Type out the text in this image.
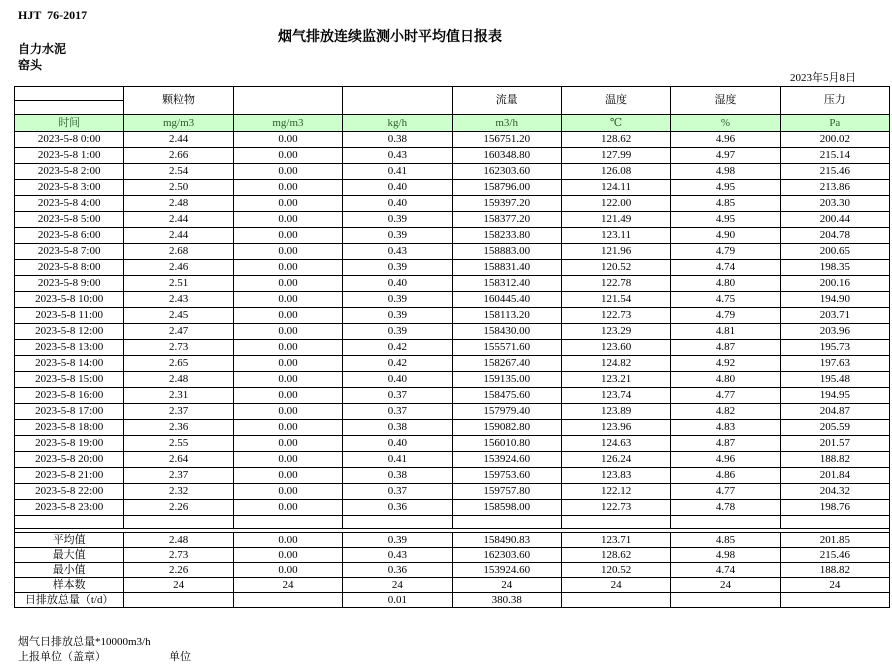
HJT  76-2017
烟气排放连续监测小时平均值日报表
自力水泥
窑头
2023年5月8日
	颗粒物			流量	温度	湿度	压力
时间	mg/m3	mg/m3	kg/h	m3/h	℃	%	Pa
2023-5-8 0:00	2.44	0.00	0.38	156751.20	128.62	4.96	200.02
2023-5-8 1:00	2.66	0.00	0.43	160348.80	127.99	4.97	215.14
2023-5-8 2:00	2.54	0.00	0.41	162303.60	126.08	4.98	215.46
2023-5-8 3:00	2.50	0.00	0.40	158796.00	124.11	4.95	213.86
2023-5-8 4:00	2.48	0.00	0.40	159397.20	122.00	4.85	203.30
2023-5-8 5:00	2.44	0.00	0.39	158377.20	121.49	4.95	200.44
2023-5-8 6:00	2.44	0.00	0.39	158233.80	123.11	4.90	204.78
2023-5-8 7:00	2.68	0.00	0.43	158883.00	121.96	4.79	200.65
2023-5-8 8:00	2.46	0.00	0.39	158831.40	120.52	4.74	198.35
2023-5-8 9:00	2.51	0.00	0.40	158312.40	122.78	4.80	200.16
2023-5-8 10:00	2.43	0.00	0.39	160445.40	121.54	4.75	194.90
2023-5-8 11:00	2.45	0.00	0.39	158113.20	122.73	4.79	203.71
2023-5-8 12:00	2.47	0.00	0.39	158430.00	123.29	4.81	203.96
2023-5-8 13:00	2.73	0.00	0.42	155571.60	123.60	4.87	195.73
2023-5-8 14:00	2.65	0.00	0.42	158267.40	124.82	4.92	197.63
2023-5-8 15:00	2.48	0.00	0.40	159135.00	123.21	4.80	195.48
2023-5-8 16:00	2.31	0.00	0.37	158475.60	123.74	4.77	194.95
2023-5-8 17:00	2.37	0.00	0.37	157979.40	123.89	4.82	204.87
2023-5-8 18:00	2.36	0.00	0.38	159082.80	123.96	4.83	205.59
2023-5-8 19:00	2.55	0.00	0.40	156010.80	124.63	4.87	201.57
2023-5-8 20:00	2.64	0.00	0.41	153924.60	126.24	4.96	188.82
2023-5-8 21:00	2.37	0.00	0.38	159753.60	123.83	4.86	201.84
2023-5-8 22:00	2.32	0.00	0.37	159757.80	122.12	4.77	204.32
2023-5-8 23:00	2.26	0.00	0.36	158598.00	122.73	4.78	198.76

平均值	2.48	0.00	0.39	158490.83	123.71	4.85	201.85
最大值	2.73	0.00	0.43	162303.60	128.62	4.98	215.46
最小值	2.26	0.00	0.36	153924.60	120.52	4.74	188.82
样本数	24	24	24	24	24	24	24
日排放总量（t/d）			0.01	380.38			
烟气日排放总量*10000m3/h
上报单位（盖章）	单位
